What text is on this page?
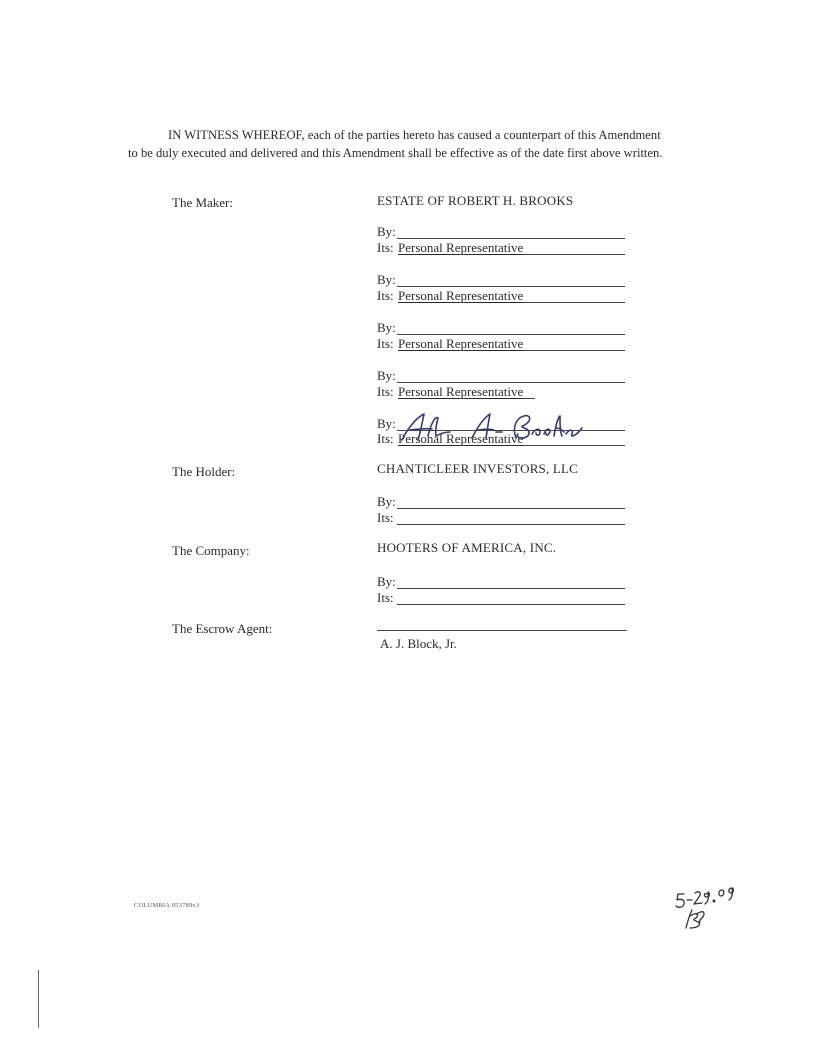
IN WITNESS WHEREOF, each of the parties hereto has caused a counterpart of this Amendment to be duly executed and delivered and this Amendment shall be effective as of the date first above written.

The Maker:	ESTATE OF ROBERT H. BROOKS
By:
Its: Personal Representative
By:
Its: Personal Representative
By:
Its: Personal Representative
By:
Its: Personal Representative
By:
Its: Personal Representative
The Holder:	CHANTICLEER INVESTORS, LLC
By:
Its:
The Company:	HOOTERS OF AMERICA, INC.
By:
Its:
The Escrow Agent:
A. J. Block, Jr.
COLUMBIA 953789v3
